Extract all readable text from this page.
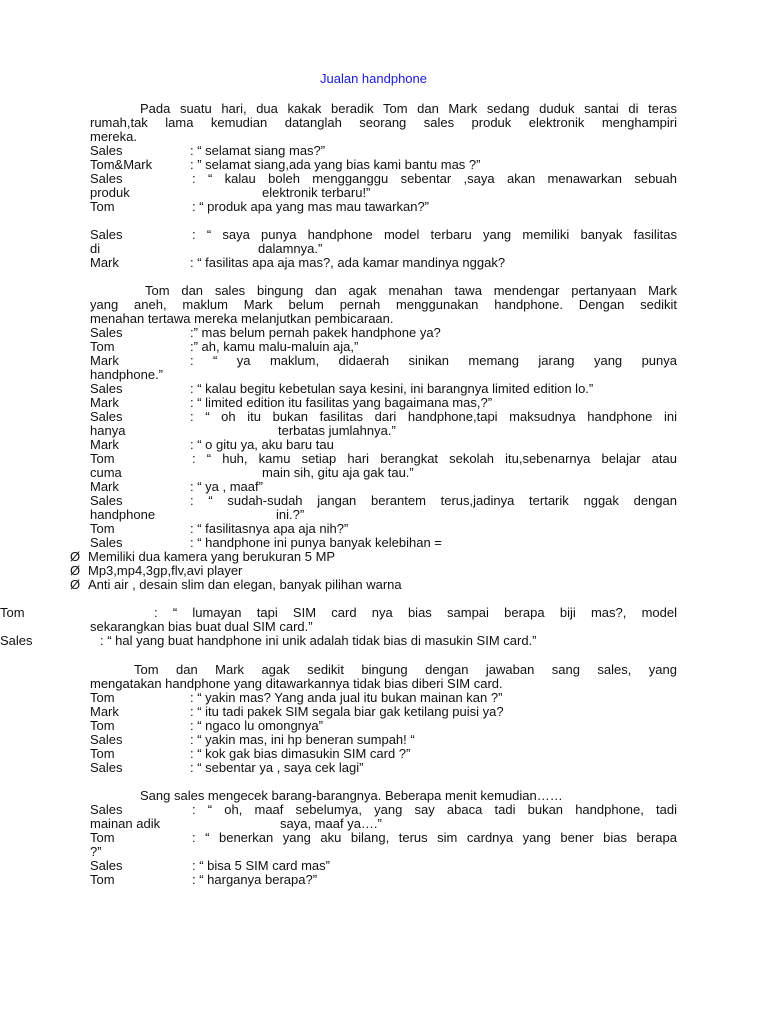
Jualan handphone
Pada suatu hari, dua kakak beradik Tom dan Mark sedang duduk santai di teras
rumah,tak lama kemudian datanglah seorang sales produk elektronik menghampiri
mereka.
Sales	: “ selamat siang mas?”
Tom&Mark	: ” selamat siang,ada yang bias kami bantu mas ?”
Sales	: “ kalau boleh mengganggu sebentar ,saya akan menawarkan sebuah
produk	elektronik terbaru!”
Tom	: “ produk apa yang mas mau tawarkan?”
Sales	: “ saya punya handphone model terbaru yang memiliki banyak fasilitas
di	dalamnya.”
Mark	: “ fasilitas apa aja mas?, ada kamar mandinya nggak?
Tom dan sales bingung dan agak menahan tawa mendengar pertanyaan Mark
yang aneh, maklum Mark belum pernah menggunakan handphone. Dengan sedikit
menahan tertawa mereka melanjutkan pembicaraan.
Sales	:” mas belum pernah pakek handphone ya?
Tom	:” ah, kamu malu-maluin aja,”
Mark	: “ ya maklum, didaerah sinikan memang jarang yang punya
handphone.”
Sales	: “ kalau begitu kebetulan saya kesini, ini barangnya limited edition lo.”
Mark	: “ limited edition itu fasilitas yang bagaimana mas,?”
Sales	: “ oh itu bukan fasilitas dari handphone,tapi maksudnya handphone ini
hanya	terbatas jumlahnya.”
Mark	: “ o gitu ya, aku baru tau
Tom	: “ huh, kamu setiap hari berangkat sekolah itu,sebenarnya belajar atau
cuma	main sih, gitu aja gak tau.”
Mark	: “ ya , maaf”
Sales	: “ sudah-sudah jangan berantem terus,jadinya tertarik nggak dengan
handphone	ini.?”
Tom	: “ fasilitasnya apa aja nih?”
Sales	: “ handphone ini punya banyak kelebihan =
Ø Memiliki dua kamera yang berukuran 5 MP
Ø Mp3,mp4,3gp,flv,avi player
Ø Anti air , desain slim dan elegan, banyak pilihan warna
Tom	: “ lumayan tapi SIM card nya bias sampai berapa biji mas?, model
sekarangkan bias buat dual SIM card.”
Sales	: “ hal yang buat handphone ini unik adalah tidak bias di masukin SIM card.”
Tom dan Mark agak sedikit bingung dengan jawaban sang sales, yang
mengatakan handphone yang ditawarkannya tidak bias diberi SIM card.
Tom	: “ yakin mas? Yang anda jual itu bukan mainan kan ?”
Mark	: “ itu tadi pakek SIM segala biar gak ketilang puisi ya?
Tom	: “ ngaco lu omongnya”
Sales	: “ yakin mas, ini hp beneran sumpah! “
Tom	: “ kok gak bias dimasukin SIM card ?”
Sales	: “ sebentar ya , saya cek lagi”
Sang sales mengecek barang-barangnya. Beberapa menit kemudian……
Sales	: “ oh, maaf sebelumya, yang say abaca tadi bukan handphone, tadi
mainan adik	saya, maaf ya….”
Tom	: “ benerkan yang aku bilang, terus sim cardnya yang bener bias berapa
?”
Sales	: “ bisa 5 SIM card mas”
Tom	: “ harganya berapa?”
